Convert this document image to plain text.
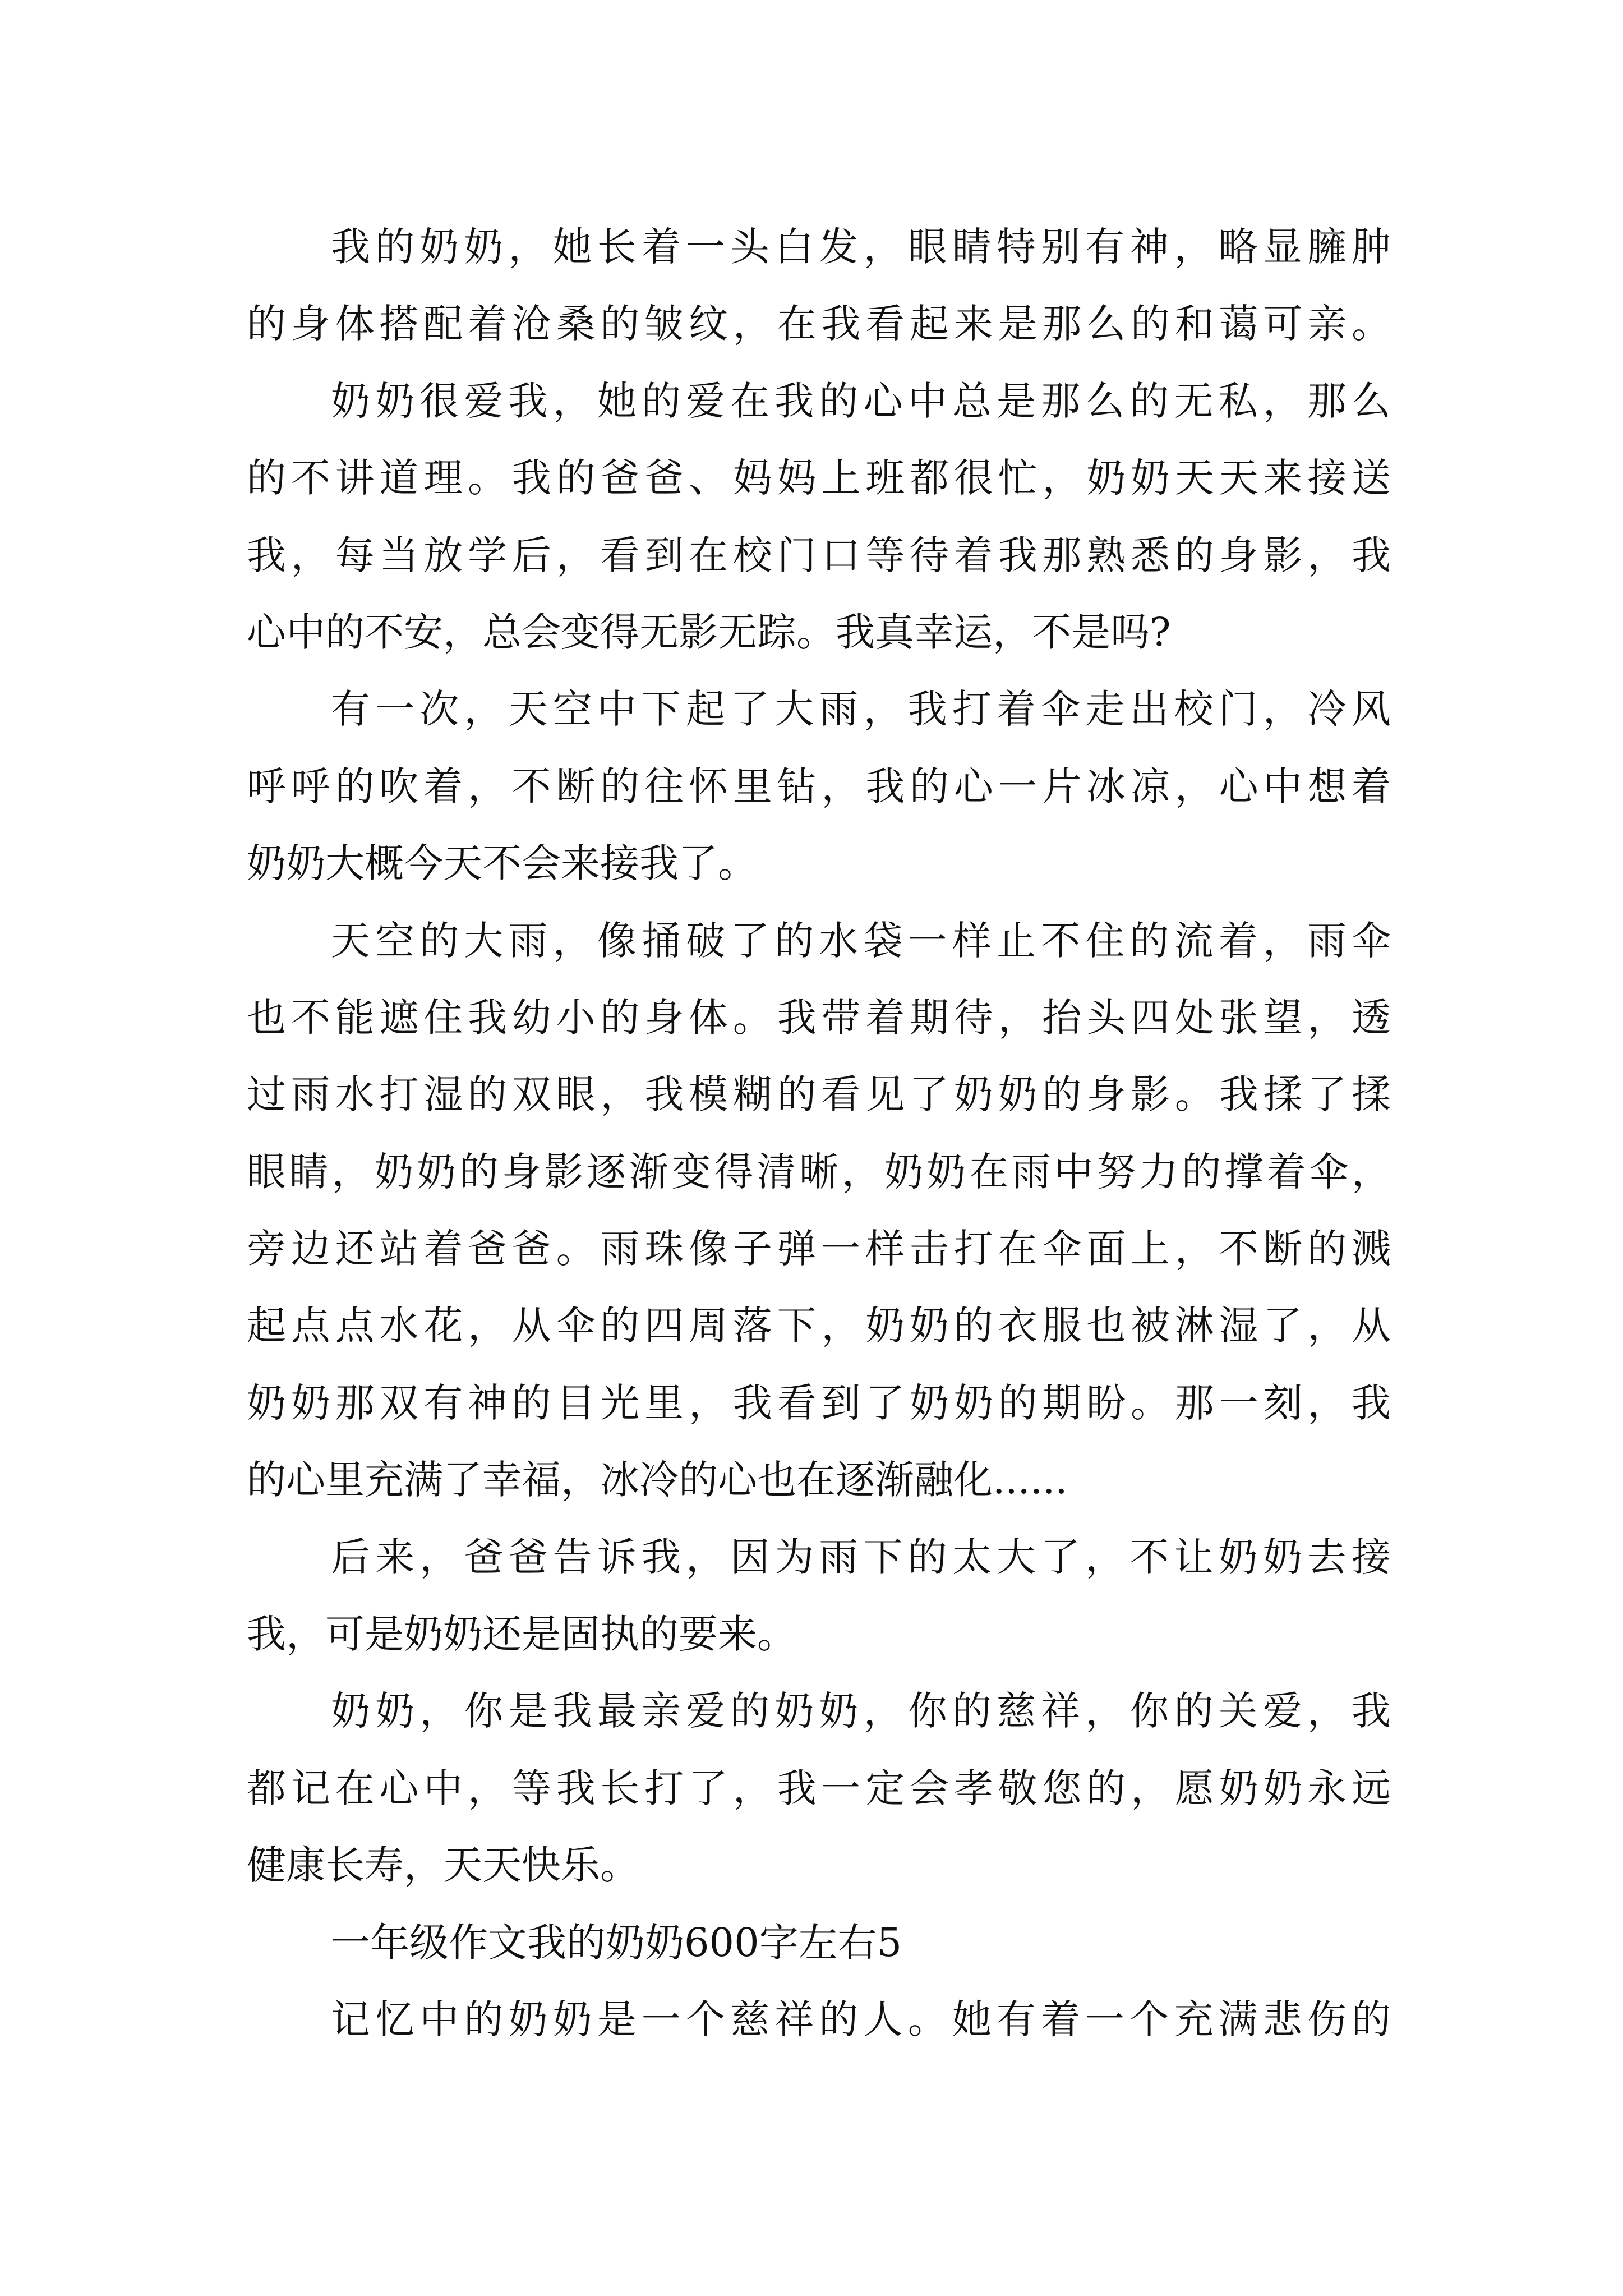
我的奶奶，她长着一头白发，眼睛特别有神，略显臃肿
的身体搭配着沧桑的皱纹，在我看起来是那么的和蔼可亲。
奶奶很爱我，她的爱在我的心中总是那么的无私，那么
的不讲道理。我的爸爸、妈妈上班都很忙，奶奶天天来接送
我，每当放学后，看到在校门口等待着我那熟悉的身影，我
心中的不安，总会变得无影无踪。我真幸运，不是吗?
有一次，天空中下起了大雨，我打着伞走出校门，冷风
呼呼的吹着，不断的往怀里钻，我的心一片冰凉，心中想着
奶奶大概今天不会来接我了。
天空的大雨，像捅破了的水袋一样止不住的流着，雨伞
也不能遮住我幼小的身体。我带着期待，抬头四处张望，透
过雨水打湿的双眼，我模糊的看见了奶奶的身影。我揉了揉
眼睛，奶奶的身影逐渐变得清晰，奶奶在雨中努力的撑着伞，
旁边还站着爸爸。雨珠像子弹一样击打在伞面上，不断的溅
起点点水花，从伞的四周落下，奶奶的衣服也被淋湿了，从
奶奶那双有神的目光里，我看到了奶奶的期盼。那一刻，我
的心里充满了幸福，冰冷的心也在逐渐融化......
后来，爸爸告诉我，因为雨下的太大了，不让奶奶去接
我，可是奶奶还是固执的要来。
奶奶，你是我最亲爱的奶奶，你的慈祥，你的关爱，我
都记在心中，等我长打了，我一定会孝敬您的，愿奶奶永远
健康长寿，天天快乐。
一年级作文我的奶奶600字左右5
记忆中的奶奶是一个慈祥的人。她有着一个充满悲伤的
